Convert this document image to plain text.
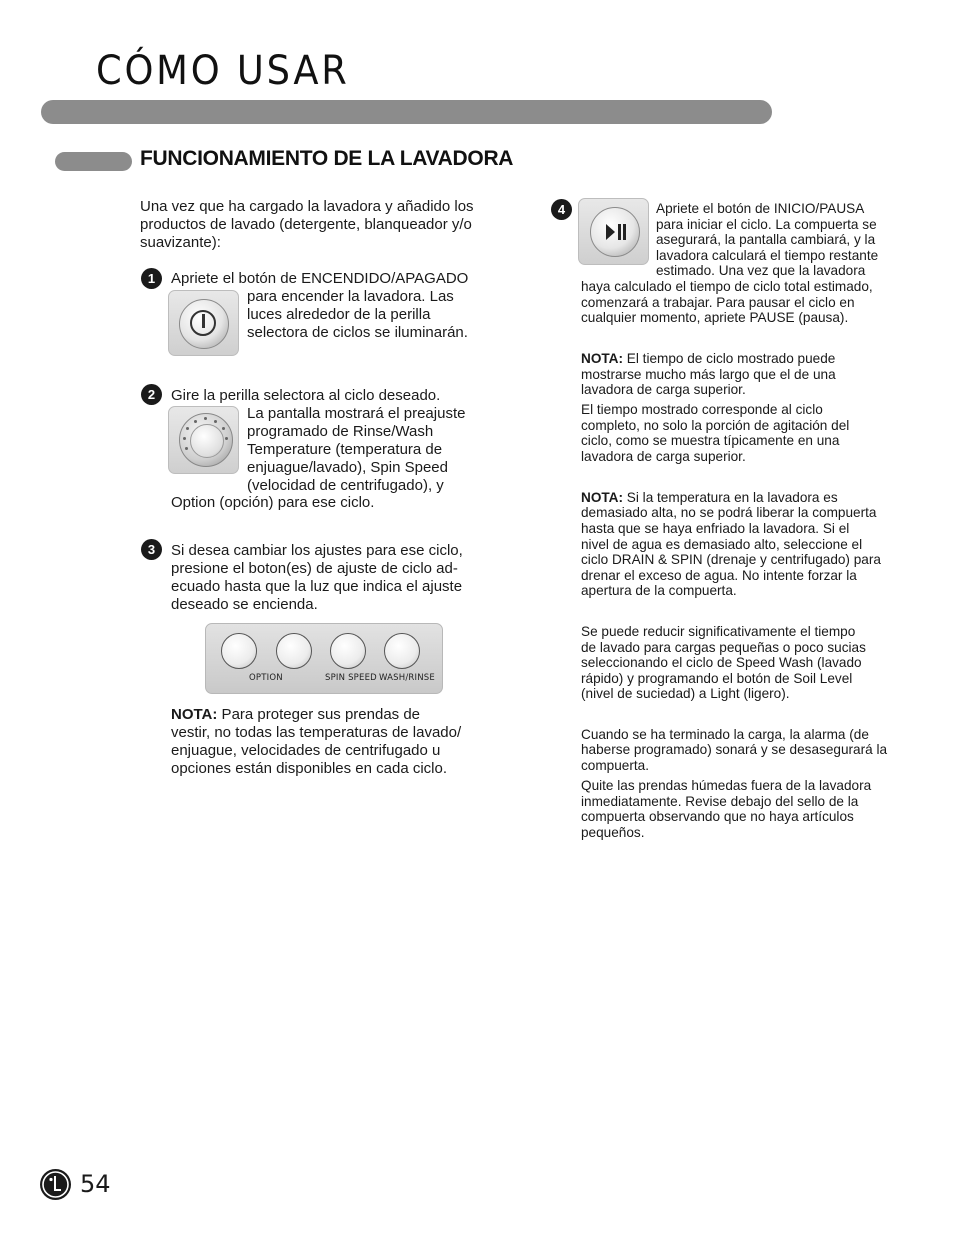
CÓMO USAR
FUNCIONAMIENTO DE LA LAVADORA
Una vez que ha cargado la lavadora y añadido los productos de lavado (detergente, blanqueador y/o suavizante):
1	Apriete el botón de ENCENDIDO/APAGADO
para encender la lavadora. Las
luces alrededor de la perilla
selectora de ciclos se iluminarán.
2	Gire la perilla selectora al ciclo deseado.
La pantalla mostrará el preajuste
programado de Rinse/Wash
Temperature (temperatura de
enjuague/lavado), Spin Speed
(velocidad de centrifugado), y
Option (opción) para ese ciclo.
3	Si desea cambiar los ajustes para ese ciclo,
presione el boton(es) de ajuste de ciclo ad-
ecuado hasta que la luz que indica el ajuste
deseado se encienda.
OPTION	SPIN SPEED WASH/RINSE
NOTA: Para proteger sus prendas de
vestir, no todas las temperaturas de lavado/
enjuague, velocidades de centrifugado u
opciones están disponibles en cada ciclo.
4	Apriete el botón de INICIO/PAUSA
para iniciar el ciclo. La compuerta se
asegurará, la pantalla cambiará, y la
lavadora calculará el tiempo restante
estimado. Una vez que la lavadora
haya calculado el tiempo de ciclo total estimado,
comenzará a trabajar. Para pausar el ciclo en
cualquier momento, apriete PAUSE (pausa).
NOTA: El tiempo de ciclo mostrado puede
mostrarse mucho más largo que el de una
lavadora de carga superior.
El tiempo mostrado corresponde al ciclo
completo, no solo la porción de agitación del
ciclo, como se muestra típicamente en una
lavadora de carga superior.
NOTA: Si la temperatura en la lavadora es
demasiado alta, no se podrá liberar la compuerta
hasta que se haya enfriado la lavadora. Si el
nivel de agua es demasiado alto, seleccione el
ciclo DRAIN & SPIN (drenaje y centrifugado) para
drenar el exceso de agua. No intente forzar la
apertura de la compuerta.
Se puede reducir significativamente el tiempo
de lavado para cargas pequeñas o poco sucias
seleccionando el ciclo de Speed Wash (lavado
rápido) y programando el botón de Soil Level
(nivel de suciedad) a Light (ligero).
Cuando se ha terminado la carga, la alarma (de
haberse programado) sonará y se desasegurará la
compuerta.
Quite las prendas húmedas fuera de la lavadora
inmediatamente. Revise debajo del sello de la
compuerta observando que no haya artículos
pequeños.
54
